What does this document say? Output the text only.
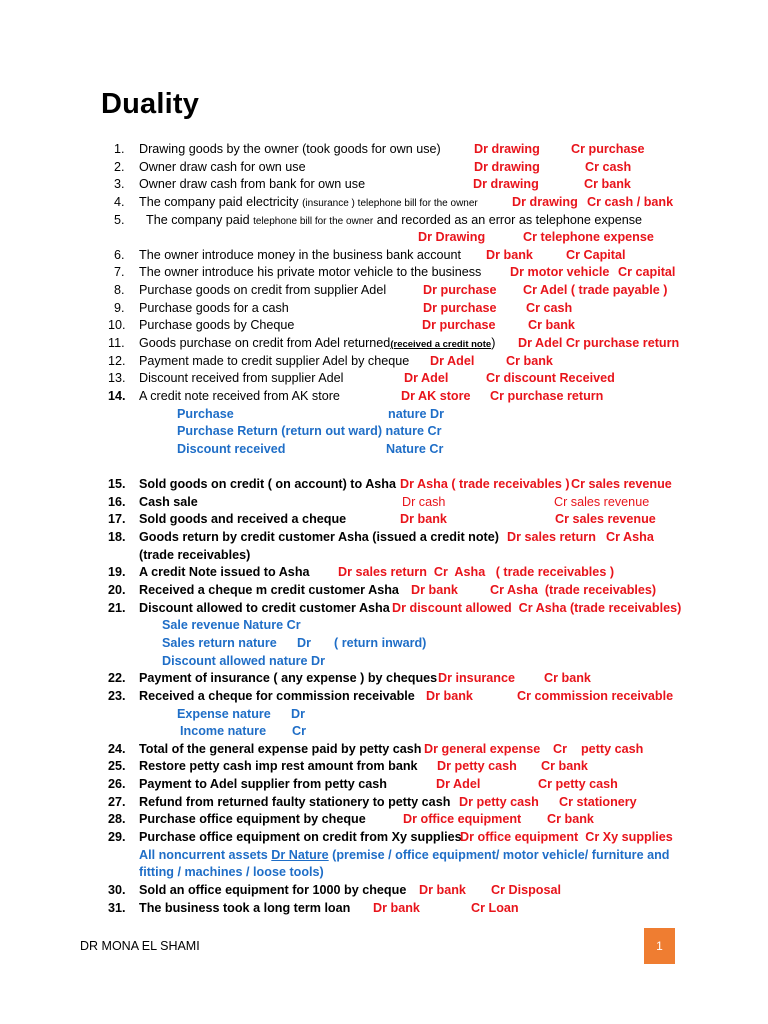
Duality
1.	Drawing goods by the owner (took goods for own use)	Dr drawing Cr purchase
2.	Owner draw cash for own use	Dr drawing	Cr cash
3.	Owner draw cash from bank for own use	Dr drawing	Cr bank
4.	The company paid electricity (insurance ) telephone bill for the owner	Dr drawing Cr cash / bank
5.	The company paid telephone bill for the owner and recorded as an error as telephone expense
Dr Drawing	Cr telephone expense
6.	The owner introduce money in the business bank account Dr bank	Cr Capital
7.	The owner introduce his private motor vehicle to the business Dr motor vehicle Cr capital
8.	Purchase goods on credit from supplier Adel	Dr purchase Cr Adel ( trade payable )
9.	Purchase goods for a cash	Dr purchase Cr cash
10. Purchase goods by Cheque	Dr purchase	Cr bank
11. Goods purchase on credit from Adel returned(received a credit note) Dr Adel Cr purchase return
12. Payment made to credit supplier Adel by cheque Dr Adel	Cr bank
13. Discount received from supplier Adel	Dr Adel	Cr discount Received
14. A credit note received from AK store	Dr AK store Cr purchase return
Purchase	nature Dr
Purchase Return (return out ward) nature Cr
Discount received	Nature Cr
15. Sold goods on credit ( on account) to Asha Dr Asha ( trade receivables ) Cr sales revenue
16. Cash sale	Dr cash	Cr sales revenue
17. Sold goods and received a cheque	Dr bank	Cr sales revenue
18. Goods return by credit customer Asha (issued a credit note) Dr sales return Cr Asha
(trade receivables)
19. A credit Note issued to Asha Dr sales return  Cr  Asha   ( trade receivables )
20. Received a cheque m credit customer Asha Dr bank	Cr Asha  (trade receivables)
21. Discount allowed to credit customer Asha Dr discount allowed  Cr Asha (trade receivables)
Sale revenue Nature Cr
Sales return nature Dr ( return inward)
Discount allowed nature Dr
22. Payment of insurance ( any expense ) by cheques Dr insurance Cr bank
23. Received a cheque for commission receivable Dr bank	Cr commission receivable
Expense nature Dr
Income nature Cr
24. Total of the general expense paid by petty cash Dr general expense Cr    petty cash
25. Restore petty cash imp rest amount from bank Dr petty cash Cr bank
26. Payment to Adel supplier from petty cash	Dr Adel	Cr petty cash
27. Refund from returned faulty stationery to petty cash Dr petty cash Cr stationery
28. Purchase office equipment by cheque	Dr office equipment Cr bank
29. Purchase office equipment on credit from Xy supplies
Dr office equipment  Cr Xy supplies
All noncurrent assets Dr Nature (premise / office equipment/ motor vehicle/ furniture and
fitting / machines / loose tools)
30. Sold an office equipment for 1000 by cheque Dr bank Cr Disposal
31. The business took a long term loan Dr bank	Cr Loan
DR MONA EL SHAMI	1
